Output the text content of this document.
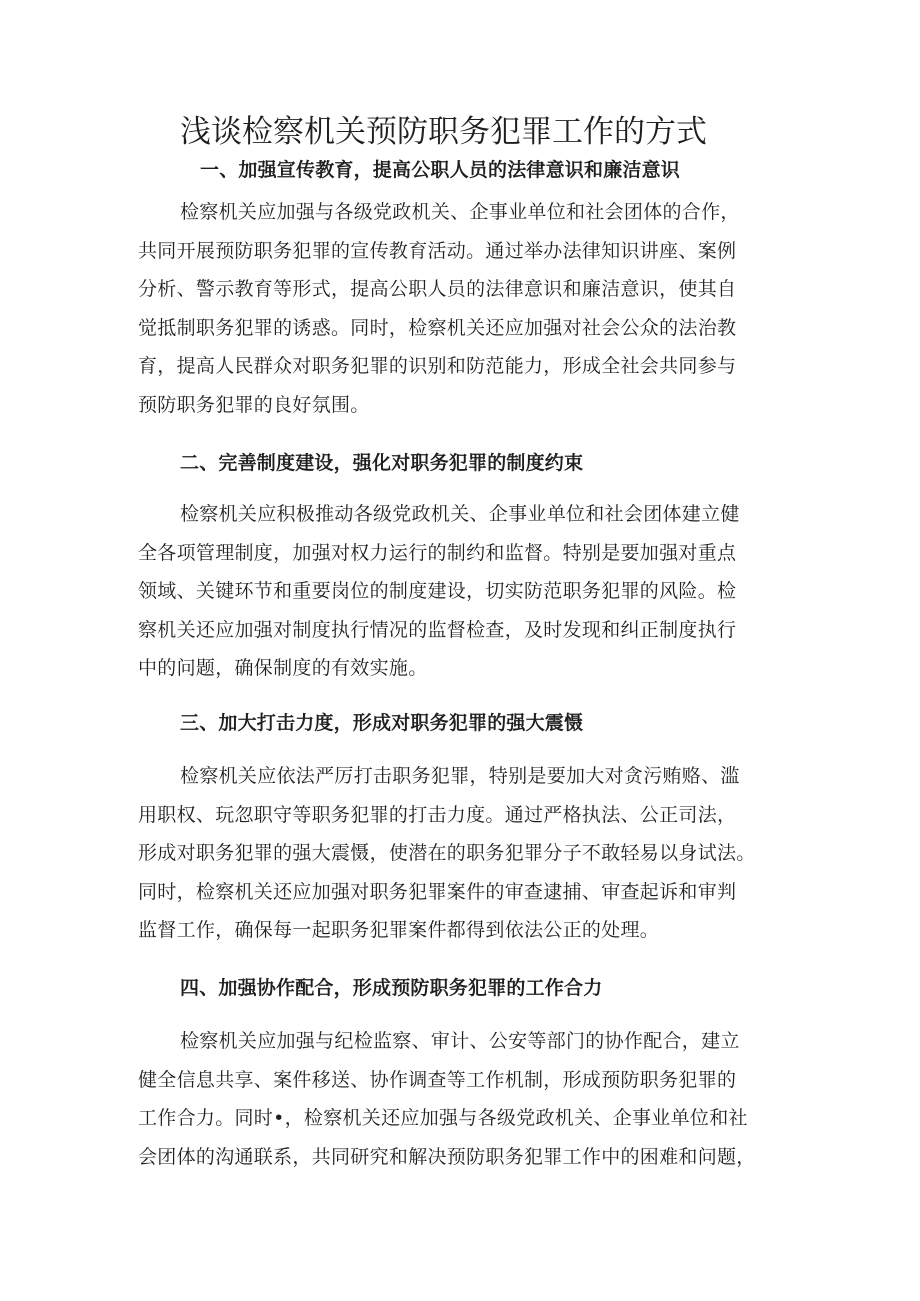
浅谈检察机关预防职务犯罪工作的方式
一、加强宣传教育，提高公职人员的法律意识和廉洁意识

检察机关应加强与各级党政机关、企事业单位和社会团体的合作，
共同开展预防职务犯罪的宣传教育活动。通过举办法律知识讲座、案例
分析、警示教育等形式，提高公职人员的法律意识和廉洁意识，使其自
觉抵制职务犯罪的诱惑。同时，检察机关还应加强对社会公众的法治教
育，提高人民群众对职务犯罪的识别和防范能力，形成全社会共同参与
预防职务犯罪的良好氛围。

二、完善制度建设，强化对职务犯罪的制度约束

检察机关应积极推动各级党政机关、企事业单位和社会团体建立健
全各项管理制度，加强对权力运行的制约和监督。特别是要加强对重点
领域、关键环节和重要岗位的制度建设，切实防范职务犯罪的风险。检
察机关还应加强对制度执行情况的监督检查，及时发现和纠正制度执行
中的问题，确保制度的有效实施。

三、加大打击力度，形成对职务犯罪的强大震慑

检察机关应依法严厉打击职务犯罪，特别是要加大对贪污贿赂、滥
用职权、玩忽职守等职务犯罪的打击力度。通过严格执法、公正司法，
形成对职务犯罪的强大震慑，使潜在的职务犯罪分子不敢轻易以身试法。
同时，检察机关还应加强对职务犯罪案件的审查逮捕、审查起诉和审判
监督工作，确保每一起职务犯罪案件都得到依法公正的处理。

四、加强协作配合，形成预防职务犯罪的工作合力

检察机关应加强与纪检监察、审计、公安等部门的协作配合，建立
健全信息共享、案件移送、协作调查等工作机制，形成预防职务犯罪的
工作合力。同时•，检察机关还应加强与各级党政机关、企事业单位和社
会团体的沟通联系，共同研究和解决预防职务犯罪工作中的困难和问题，
